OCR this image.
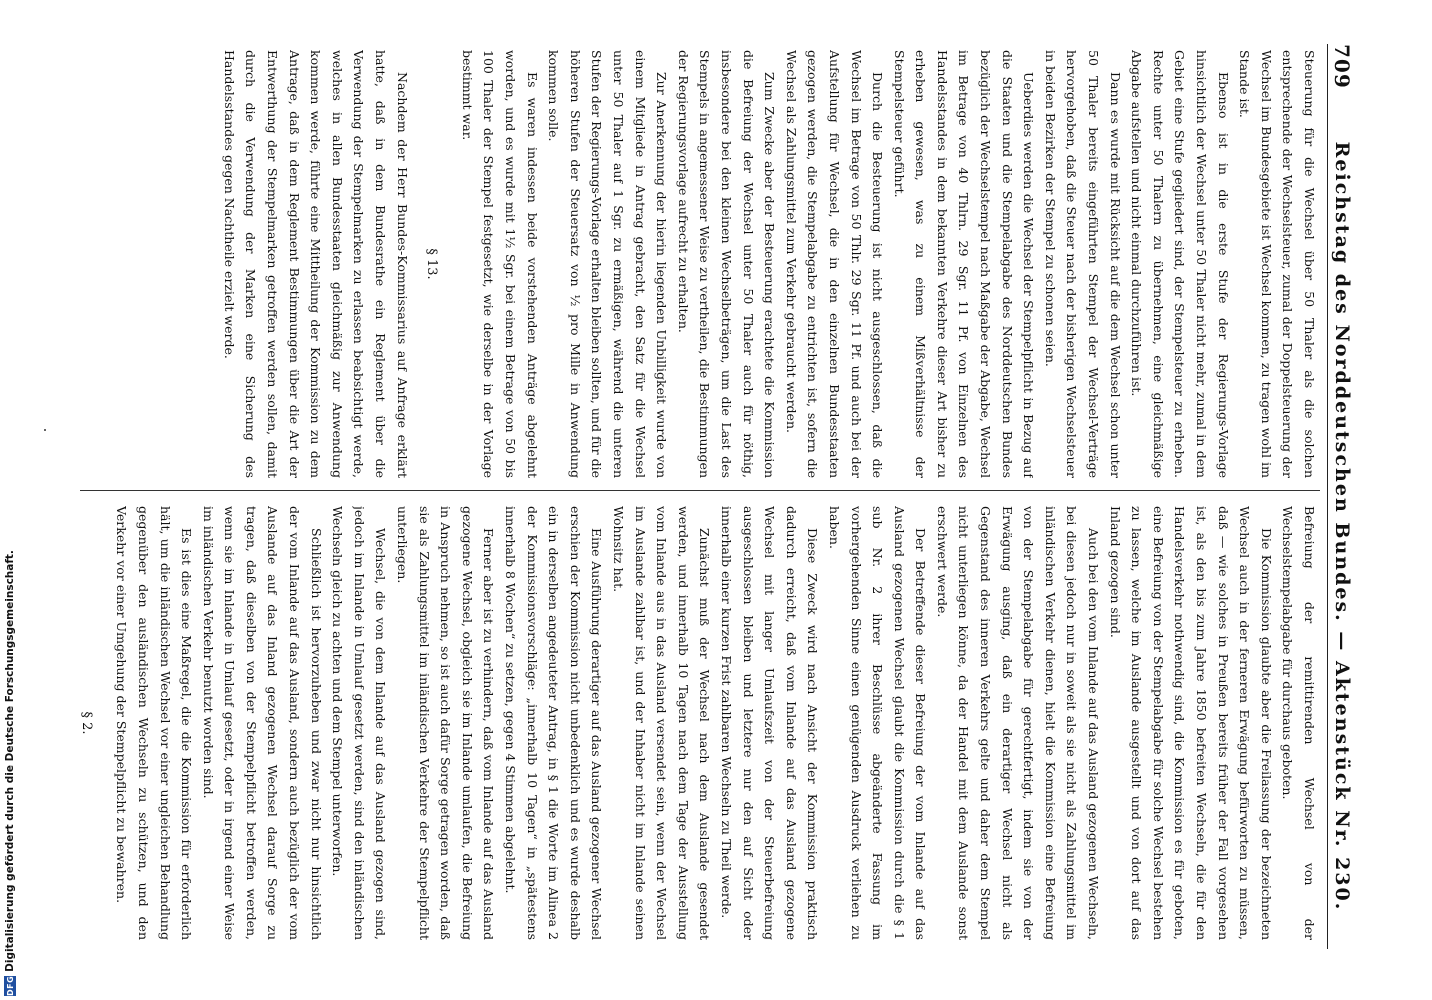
709
Reichstag des Norddeutschen Bundes. — Aktenstück Nr. 230.

Steuerung für die Wechsel über 50 Thaler als die solchen entsprechende der Wechselsteuer, zumal der Doppelsteuerung der Wechsel im Bundesgebiete ist Wechsel kommen, zu tragen wohl im Stande ist.

Ebenso ist in die erste Stufe der Regierungs-Vorlage hinsichtlich der Wechsel unter 50 Thaler nicht mehr, zumal in dem Gebiet eine Stufe gegliedert sind, der Stempelsteuer zu erheben. Rechte unter 50 Thalern zu übernehmen, eine gleichmäßige Abgabe aufstellen und nicht einmal durchzuführen ist.

Dann es wurde mit Rücksicht auf die dem Wechsel schon unter 50 Thaler bereits eingeführten Stempel der Wechsel-Verträge hervorgehoben, daß die Steuer nach der bisherigen Wechselsteuer in beiden Bezirken der Stempel zu schonen seien.

Ueberdies werden die Wechsel der Stempelpflicht in Bezug auf die Staaten und die Stempelabgabe des Norddeutschen Bundes bezüglich der Wechselstempel nach Maßgabe der Abgabe, Wechsel im Betrage von 40 Thlrn. 29 Sgr. 11 Pf. von Einzelnen des Handelsstandes in dem bekannten Verkehre dieser Art bisher zu erheben gewesen, was zu einem Mißverhältnisse der Stempelsteuer geführt.

Durch die Besteuerung ist nicht ausgeschlossen, daß die Wechsel im Betrage von 50 Thlr. 29 Sgr. 11 Pf. und auch bei der Aufstellung für Wechsel, die in den einzelnen Bundesstaaten gezogen werden, die Stempelabgabe zu entrichten ist, sofern die Wechsel als Zahlungsmittel zum Verkehr gebraucht werden.

Zum Zwecke aber der Besteuerung erachtete die Kommission die Befreiung der Wechsel unter 50 Thaler auch für nöthig, insbesondere bei den kleinen Wechselbeträgen, um die Last des Stempels in angemessener Weise zu vertheilen, die Bestimmungen der Regierungsvorlage aufrecht zu erhalten.

Zur Anerkennung der hierin liegenden Unbilligkeit wurde von einem Mitgliede in Antrag gebracht, den Satz für die Wechsel unter 50 Thaler auf 1 Sgr. zu ermäßigen, während die unteren Stufen der Regierungs-Vorlage erhalten bleiben sollten, und für die höheren Stufen der Steuersatz von ½ pro Mille in Anwendung kommen solle.

Es waren indessen beide vorstehenden Anträge abgelehnt worden, und es wurde mit 1½ Sgr. bei einem Betrage von 50 bis 100 Thaler der Stempel festgesetzt, wie derselbe in der Vorlage bestimmt war.

§ 13.

Nachdem der Herr Bundes-Kommissarius auf Anfrage erklärt hatte, daß in dem Bundesrathe ein Reglement über die Verwendung der Stempelmarken zu erlassen beabsichtigt werde, welches in allen Bundesstaaten gleichmäßig zur Anwendung kommen werde, führte eine Mittheilung der Kommission zu dem Antrage, daß in dem Reglement Bestimmungen über die Art der Entwerthung der Stempelmarken getroffen werden sollen, damit durch die Verwendung der Marken eine Sicherung des Handelsstandes gegen Nachtheile erzielt werde.

Befreiung der remittirenden Wechsel von der Wechselstempelabgabe für durchaus geboten.

Die Kommission glaubte aber die Freilassung der bezeichneten Wechsel auch in der ferneren Erwägung befürworten zu müssen, daß — wie solches in Preußen bereits früher der Fall vorgesehen ist, als den bis zum Jahre 1850 befreiten Wechseln, die für den Handelsverkehr nothwendig sind, die Kommission es für geboten, eine Befreiung von der Stempelabgabe für solche Wechsel bestehen zu lassen, welche im Auslande ausgestellt und von dort auf das Inland gezogen sind.

Auch bei den vom Inlande auf das Ausland gezogenen Wechseln, bei diesen jedoch nur in soweit als sie nicht als Zahlungsmittel im inländischen Verkehr dienen, hielt die Kommission eine Befreiung von der Stempelabgabe für gerechtfertigt, indem sie von der Erwägung ausging, daß ein derartiger Wechsel nicht als Gegenstand des inneren Verkehrs gelte und daher dem Stempel nicht unterliegen könne, da der Handel mit dem Auslande sonst erschwert werde.

Der Betreffende dieser Befreiung der vom Inlande auf das Ausland gezogenen Wechsel glaubt die Kommission durch die § 1 sub Nr. 2 ihrer Beschlüsse abgeänderte Fassung im vorhergehenden Sinne einen genügenden Ausdruck verliehen zu haben.

Diese Zweck wird nach Ansicht der Kommission praktisch dadurch erreicht, daß vom Inlande auf das Ausland gezogene Wechsel mit langer Umlaufszeit von der Steuerbefreiung ausgeschlossen bleiben und letztere nur den auf Sicht oder innerhalb einer kurzen Frist zahlbaren Wechseln zu Theil werde.

Zunächst muß der Wechsel nach dem Auslande gesendet werden, und innerhalb 10 Tagen nach dem Tage der Ausstellung vom Inlande aus in das Ausland versendet sein, wenn der Wechsel im Auslande zahlbar ist, und der Inhaber nicht im Inlande seinen Wohnsitz hat.

Eine Ausführung derartiger auf das Ausland gezogener Wechsel erschien der Kommission nicht unbedenklich und es wurde deshalb ein in derselben angedeuteter Antrag, in § 1 die Worte im Alinea 2 der Kommissionsvorschläge: „innerhalb 10 Tagen“ in „spätestens innerhalb 8 Wochen“ zu setzen, gegen 4 Stimmen abgelehnt.

Ferner aber ist zu verhindern, daß vom Inlande auf das Ausland gezogene Wechsel, obgleich sie im Inlande umlaufen, die Befreiung in Anspruch nehmen, so ist auch dafür Sorge getragen worden, daß sie als Zahlungsmittel im inländischen Verkehre der Stempelpflicht unterliegen.

Wechsel, die von dem Inlande auf das Ausland gezogen sind, jedoch im Inlande in Umlauf gesetzt werden, sind den inländischen Wechseln gleich zu achten und dem Stempel unterworfen.

Schließlich ist hervorzuheben und zwar nicht nur hinsichtlich der vom Inlande auf das Ausland, sondern auch bezüglich der vom Auslande auf das Inland gezogenen Wechsel darauf Sorge zu tragen, daß dieselben von der Stempelpflicht betroffen werden, wenn sie im Inlande in Umlauf gesetzt, oder in irgend einer Weise im inländischen Verkehr benutzt worden sind.

Es ist dies eine Maßregel, die die Kommission für erforderlich hält, um die inländischen Wechsel vor einer ungleichen Behandlung gegenüber den ausländischen Wechseln zu schützen, und den Verkehr vor einer Umgehung der Stempelpflicht zu bewahren.

§ 2.

DFG
Digitalisierung gefördert durch die Deutsche Forschungsgemeinschaft.
